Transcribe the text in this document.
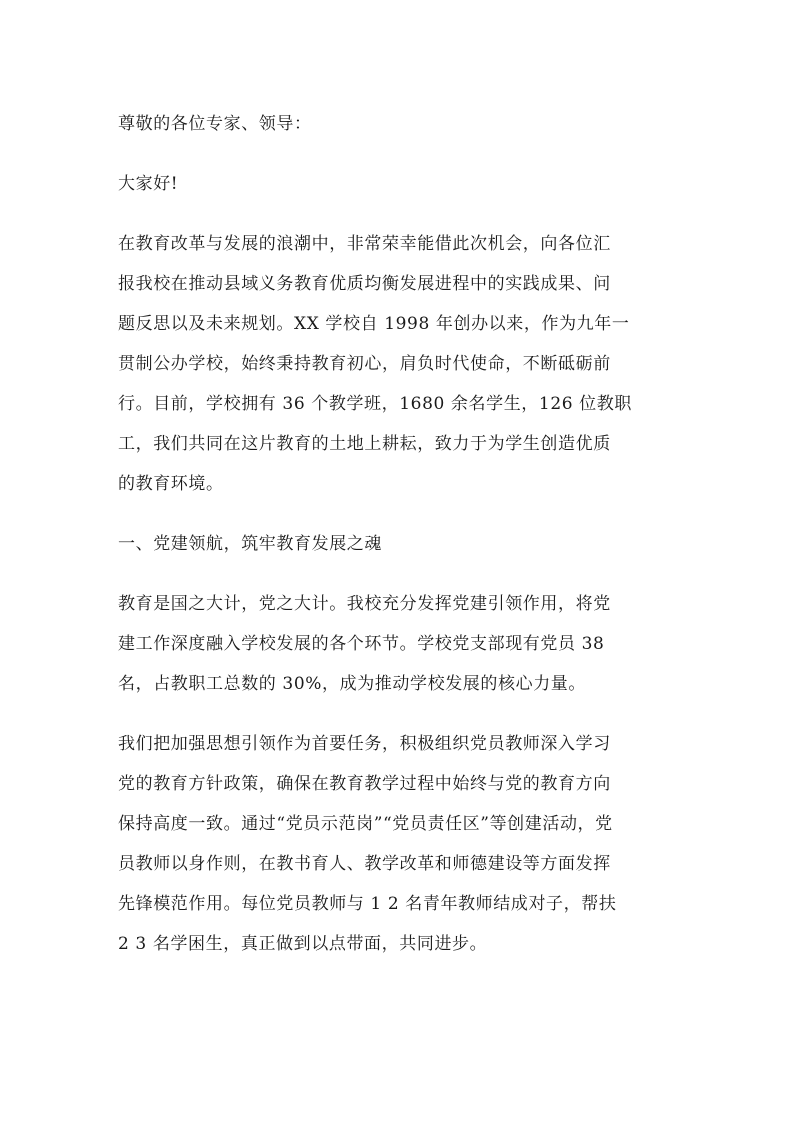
尊敬的各位专家、领导：

大家好!

在教育改革与发展的浪潮中，非常荣幸能借此次机会，向各位汇
报我校在推动县域义务教育优质均衡发展进程中的实践成果、问
题反思以及未来规划。XX 学校自 1998 年创办以来，作为九年一
贯制公办学校，始终秉持教育初心，肩负时代使命，不断砥砺前
行。目前，学校拥有 36 个教学班，1680 余名学生，126 位教职
工，我们共同在这片教育的土地上耕耘，致力于为学生创造优质
的教育环境。

一、党建领航，筑牢教育发展之魂

教育是国之大计，党之大计。我校充分发挥党建引领作用，将党
建工作深度融入学校发展的各个环节。学校党支部现有党员 38
名，占教职工总数的 30%，成为推动学校发展的核心力量。

我们把加强思想引领作为首要任务，积极组织党员教师深入学习
党的教育方针政策，确保在教育教学过程中始终与党的教育方向
保持高度一致。通过“党员示范岗”“党员责任区”等创建活动，党
员教师以身作则，在教书育人、教学改革和师德建设等方面发挥
先锋模范作用。每位党员教师与 1 2 名青年教师结成对子，帮扶
2 3 名学困生，真正做到以点带面，共同进步。
